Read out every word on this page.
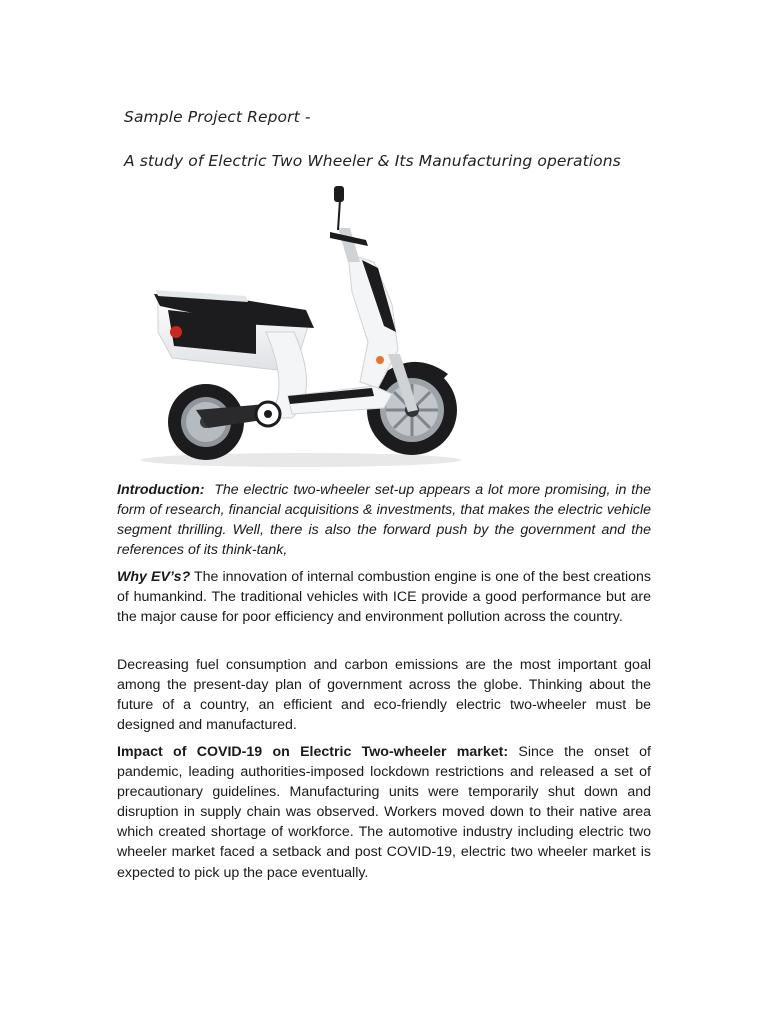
Sample Project Report -
A study of Electric Two Wheeler & Its Manufacturing operations

Introduction: The electric two-wheeler set-up appears a lot more promising, in the form of research, financial acquisitions & investments, that makes the electric vehicle segment thrilling. Well, there is also the forward push by the government and the references of its think-tank,

Why EV’s? The innovation of internal combustion engine is one of the best creations of humankind. The traditional vehicles with ICE provide a good performance but are the major cause for poor efficiency and environment pollution across the country.

Decreasing fuel consumption and carbon emissions are the most important goal among the present-day plan of government across the globe. Thinking about the future of a country, an efficient and eco-friendly electric two-wheeler must be designed and manufactured.

Impact of COVID-19 on Electric Two-wheeler market: Since the onset of pandemic, leading authorities-imposed lockdown restrictions and released a set of precautionary guidelines. Manufacturing units were temporarily shut down and disruption in supply chain was observed. Workers moved down to their native area which created shortage of workforce. The automotive industry including electric two wheeler market faced a setback and post COVID-19, electric two wheeler market is expected to pick up the pace eventually.
